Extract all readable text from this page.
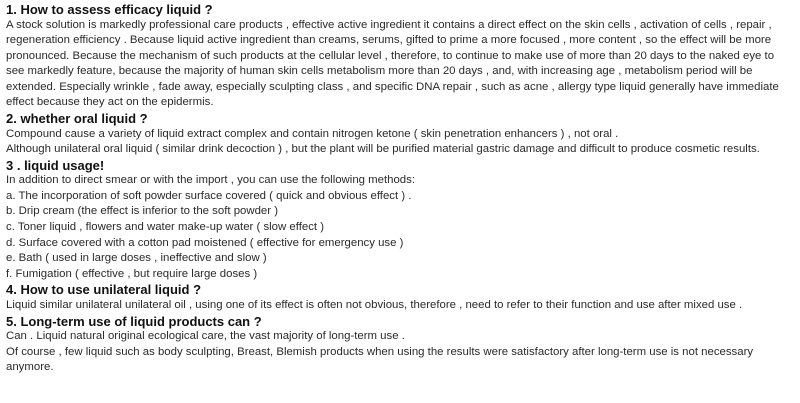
1. How to assess efficacy liquid ?
A stock solution is markedly professional care products , effective active ingredient it contains a direct effect on the skin cells , activation of cells , repair , regeneration efficiency . Because liquid active ingredient than creams, serums, gifted to prime a more focused , more content , so the effect will be more pronounced. Because the mechanism of such products at the cellular level , therefore, to continue to make use of more than 20 days to the naked eye to see markedly feature, because the majority of human skin cells metabolism more than 20 days , and, with increasing age , metabolism period will be extended. Especially wrinkle , fade away, especially sculpting class , and specific DNA repair , such as acne , allergy type liquid generally have immediate effect because they act on the epidermis.
2. whether oral liquid ?
Compound cause a variety of liquid extract complex and contain nitrogen ketone ( skin penetration enhancers ) , not oral .
Although unilateral oral liquid ( similar drink decoction ) , but the plant will be purified material gastric damage and difficult to produce cosmetic results.
3 . liquid usage!
In addition to direct smear or with the import , you can use the following methods:
a. The incorporation of soft powder surface covered ( quick and obvious effect ) .
b. Drip cream (the effect is inferior to the soft powder )
c. Toner liquid , flowers and water make-up water ( slow effect )
d. Surface covered with a cotton pad moistened ( effective for emergency use )
e. Bath ( used in large doses , ineffective and slow )
f. Fumigation ( effective , but require large doses )
4. How to use unilateral liquid ?
Liquid similar unilateral unilateral oil , using one of its effect is often not obvious, therefore , need to refer to their function and use after mixed use .
5. Long-term use of liquid products can ?
Can . Liquid natural original ecological care, the vast majority of long-term use .
Of course , few liquid such as body sculpting, Breast, Blemish products when using the results were satisfactory after long-term use is not necessary anymore.
